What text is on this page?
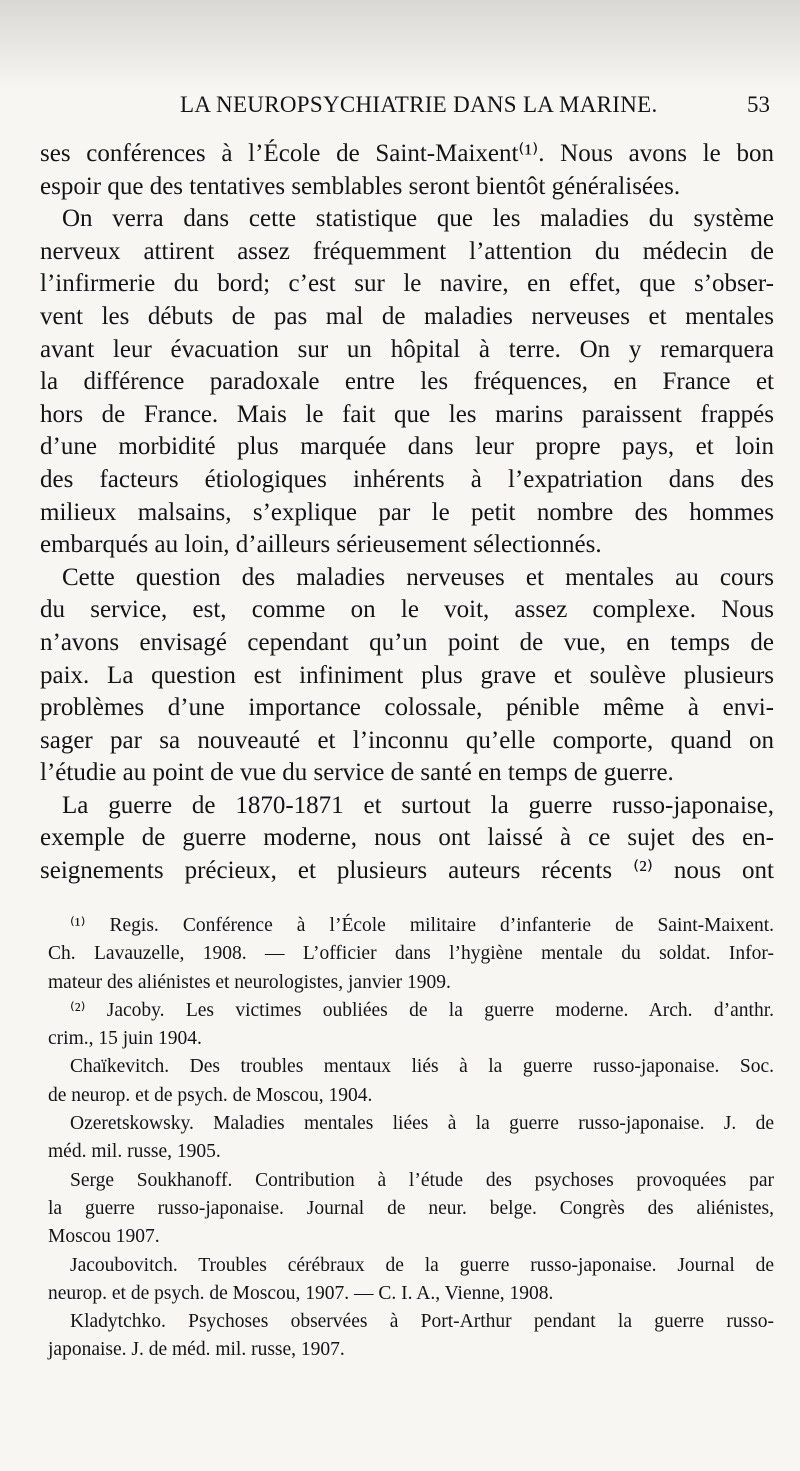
LA NEUROPSYCHIATRIE DANS LA MARINE.	53
ses conférences à l’École de Saint-Maixent⁽¹⁾. Nous avons le bon
espoir que des tentatives semblables seront bientôt généralisées.
On verra dans cette statistique que les maladies du système
nerveux attirent assez fréquemment l’attention du médecin de
l’infirmerie du bord; c’est sur le navire, en effet, que s’obser-
vent les débuts de pas mal de maladies nerveuses et mentales
avant leur évacuation sur un hôpital à terre. On y remarquera
la différence paradoxale entre les fréquences, en France et
hors de France. Mais le fait que les marins paraissent frappés
d’une morbidité plus marquée dans leur propre pays, et loin
des facteurs étiologiques inhérents à l’expatriation dans des
milieux malsains, s’explique par le petit nombre des hommes
embarqués au loin, d’ailleurs sérieusement sélectionnés.
Cette question des maladies nerveuses et mentales au cours
du service, est, comme on le voit, assez complexe. Nous
n’avons envisagé cependant qu’un point de vue, en temps de
paix. La question est infiniment plus grave et soulève plusieurs
problèmes d’une importance colossale, pénible même à envi-
sager par sa nouveauté et l’inconnu qu’elle comporte, quand on
l’étudie au point de vue du service de santé en temps de guerre.
La guerre de 1870-1871 et surtout la guerre russo-japonaise,
exemple de guerre moderne, nous ont laissé à ce sujet des en-
seignements précieux, et plusieurs auteurs récents ⁽²⁾ nous ont
⁽¹⁾ Regis. Conférence à l’École militaire d’infanterie de Saint-Maixent.
Ch. Lavauzelle, 1908. — L’officier dans l’hygiène mentale du soldat. Infor-
mateur des aliénistes et neurologistes, janvier 1909.
⁽²⁾ Jacoby. Les victimes oubliées de la guerre moderne. Arch. d’anthr.
crim., 15 juin 1904.
Chaïkevitch. Des troubles mentaux liés à la guerre russo-japonaise. Soc.
de neurop. et de psych. de Moscou, 1904.
Ozeretskowsky. Maladies mentales liées à la guerre russo-japonaise. J. de
méd. mil. russe, 1905.
Serge Soukhanoff. Contribution à l’étude des psychoses provoquées par
la guerre russo-japonaise. Journal de neur. belge. Congrès des aliénistes,
Moscou 1907.
Jacoubovitch. Troubles cérébraux de la guerre russo-japonaise. Journal de
neurop. et de psych. de Moscou, 1907. — C. I. A., Vienne, 1908.
Kladytchko. Psychoses observées à Port-Arthur pendant la guerre russo-
japonaise. J. de méd. mil. russe, 1907.
